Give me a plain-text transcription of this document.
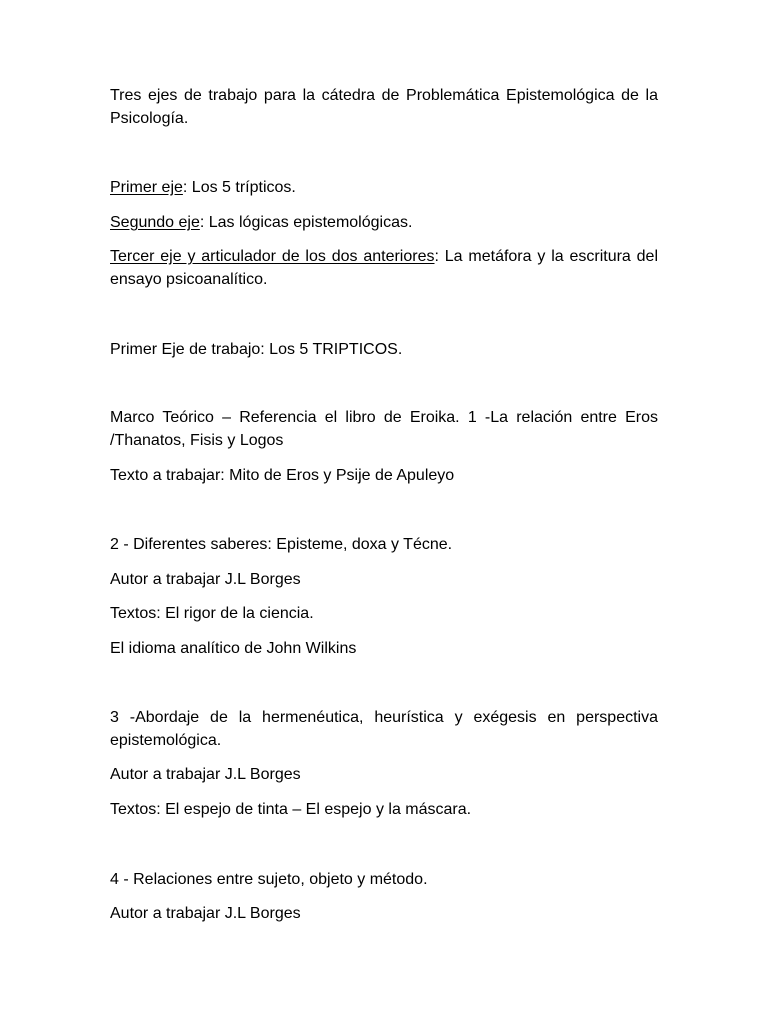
Tres ejes de trabajo para la cátedra de Problemática Epistemológica de la Psicología.

Primer eje: Los 5 trípticos.

Segundo eje: Las lógicas epistemológicas.

Tercer eje y articulador de los dos anteriores: La metáfora y la escritura del ensayo psicoanalítico.

Primer Eje de trabajo: Los 5 TRIPTICOS.

Marco Teórico – Referencia el libro de Eroika. 1 -La relación entre Eros /Thanatos, Fisis y Logos

Texto a trabajar: Mito de Eros y Psije de Apuleyo

2 - Diferentes saberes: Episteme, doxa y Técne.

Autor a trabajar J.L Borges

Textos: El rigor de la ciencia.

El idioma analítico de John Wilkins

3 -Abordaje de la hermenéutica, heurística y exégesis en perspectiva epistemológica.

Autor a trabajar J.L Borges

Textos: El espejo de tinta – El espejo y la máscara.

4 - Relaciones entre sujeto, objeto y método.

Autor a trabajar J.L Borges
